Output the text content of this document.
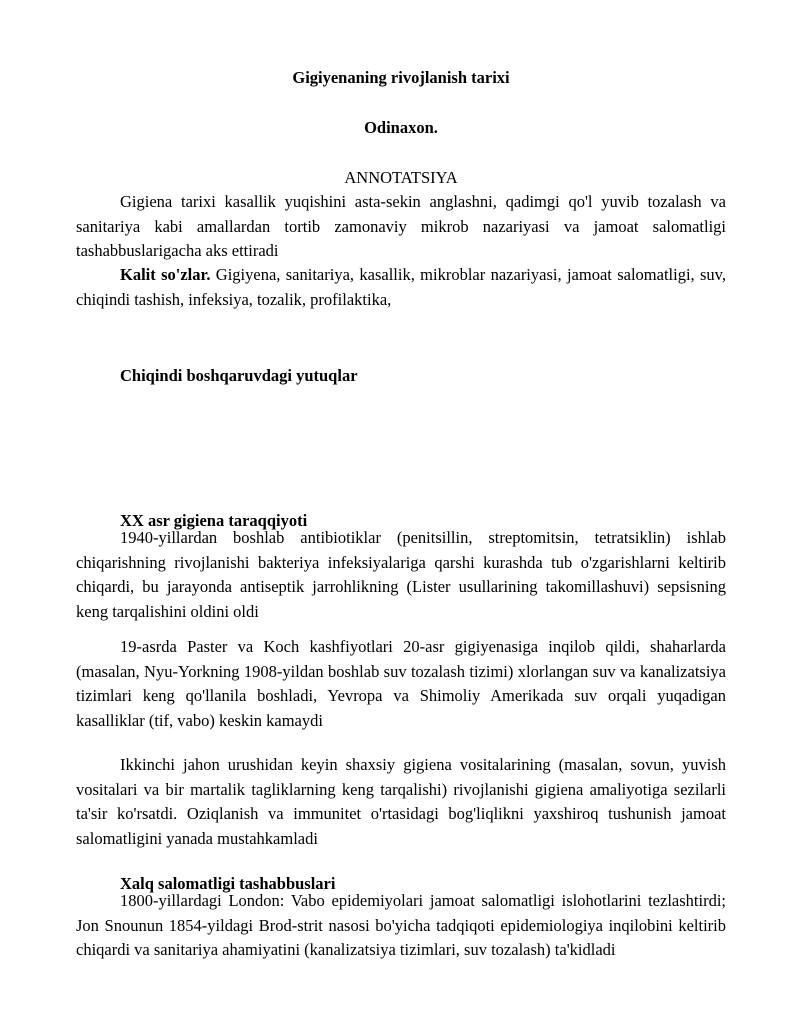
Gigiyenaning rivojlanish tarixi

Odinaxon.

ANNOTATSIYA

Gigiena tarixi kasallik yuqishini asta-sekin anglashni, qadimgi qo'l yuvib tozalash va sanitariya kabi amallardan tortib zamonaviy mikrob nazariyasi va jamoat salomatligi tashabbuslarigacha aks ettiradi

Kalit so'zlar. Gigiyena, sanitariya, kasallik, mikroblar nazariyasi, jamoat salomatligi, suv, chiqindi tashish, infeksiya, tozalik, profilaktika,

Chiqindi boshqaruvdagi yutuqlar
XX asr gigiena taraqqiyoti

1940-yillardan boshlab antibiotiklar (penitsillin, streptomitsin, tetratsiklin) ishlab chiqarishning rivojlanishi bakteriya infeksiyalariga qarshi kurashda tub o'zgarishlarni keltirib chiqardi, bu jarayonda antiseptik jarrohlikning (Lister usullarining takomillashuvi) sepsisning keng tarqalishini oldini oldi

19-asrda Paster va Koch kashfiyotlari 20-asr gigiyenasiga inqilob qildi, shaharlarda (masalan, Nyu-Yorkning 1908-yildan boshlab suv tozalash tizimi) xlorlangan suv va kanalizatsiya tizimlari keng qo'llanila boshladi, Yevropa va Shimoliy Amerikada suv orqali yuqadigan kasalliklar (tif, vabo) keskin kamaydi

Ikkinchi jahon urushidan keyin shaxsiy gigiena vositalarining (masalan, sovun, yuvish vositalari va bir martalik tagliklarning keng tarqalishi) rivojlanishi gigiena amaliyotiga sezilarli ta'sir ko'rsatdi. Oziqlanish va immunitet o'rtasidagi bog'liqlikni yaxshiroq tushunish jamoat salomatligini yanada mustahkamladi

Xalq salomatligi tashabbuslari

1800-yillardagi London: Vabo epidemiyolari jamoat salomatligi islohotlarini tezlashtirdi; Jon Snounun 1854-yildagi Brod-strit nasosi bo'yicha tadqiqoti epidemiologiya inqilobini keltirib chiqardi va sanitariya ahamiyatini (kanalizatsiya tizimlari, suv tozalash) ta'kidladi
